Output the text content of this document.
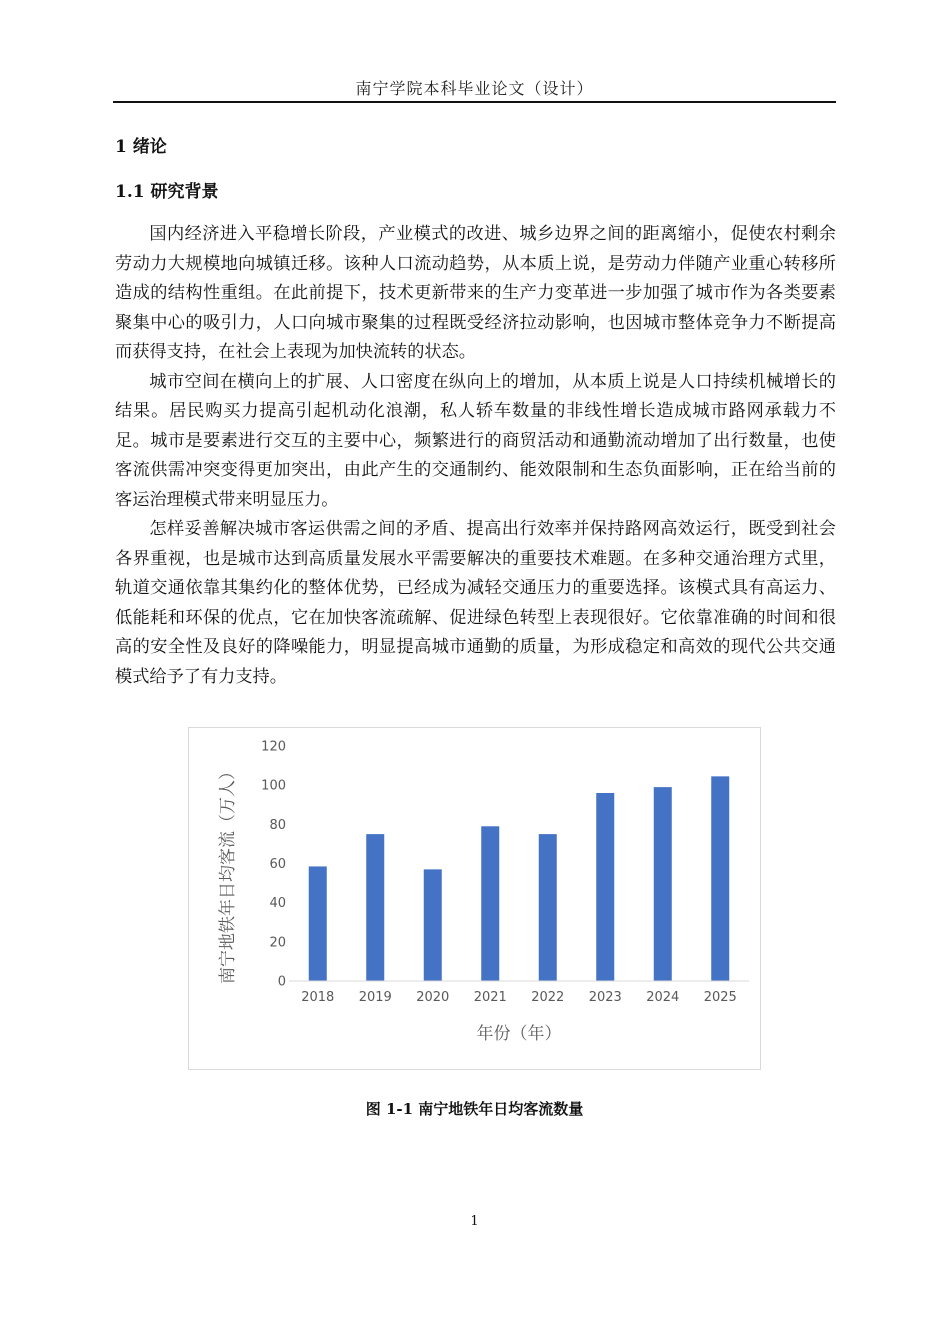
南宁学院本科毕业论文（设计）
1 绪论
1.1 研究背景

国内经济进入平稳增长阶段，产业模式的改进、城乡边界之间的距离缩小，促使农村剩余劳动力大规模地向城镇迁移。该种人口流动趋势，从本质上说，是劳动力伴随产业重心转移所造成的结构性重组。在此前提下，技术更新带来的生产力变革进一步加强了城市作为各类要素聚集中心的吸引力，人口向城市聚集的过程既受经济拉动影响，也因城市整体竞争力不断提高而获得支持，在社会上表现为加快流转的状态。

城市空间在横向上的扩展、人口密度在纵向上的增加，从本质上说是人口持续机械增长的结果。居民购买力提高引起机动化浪潮，私人轿车数量的非线性增长造成城市路网承载力不足。城市是要素进行交互的主要中心，频繁进行的商贸活动和通勤流动增加了出行数量，也使客流供需冲突变得更加突出，由此产生的交通制约、能效限制和生态负面影响，正在给当前的客运治理模式带来明显压力。

怎样妥善解决城市客运供需之间的矛盾、提高出行效率并保持路网高效运行，既受到社会各界重视，也是城市达到高质量发展水平需要解决的重要技术难题。在多种交通治理方式里，轨道交通依靠其集约化的整体优势，已经成为减轻交通压力的重要选择。该模式具有高运力、低能耗和环保的优点，它在加快客流疏解、促进绿色转型上表现很好。它依靠准确的时间和很高的安全性及良好的降噪能力，明显提高城市通勤的质量，为形成稳定和高效的现代公共交通模式给予了有力支持。

0
20
40
60
80
100
120
2018 2019 2020 2021 2022 2023 2024 2025
年份（年）
南宁地铁年日均客流（万人）
图 1-1 南宁地铁年日均客流数量
1
